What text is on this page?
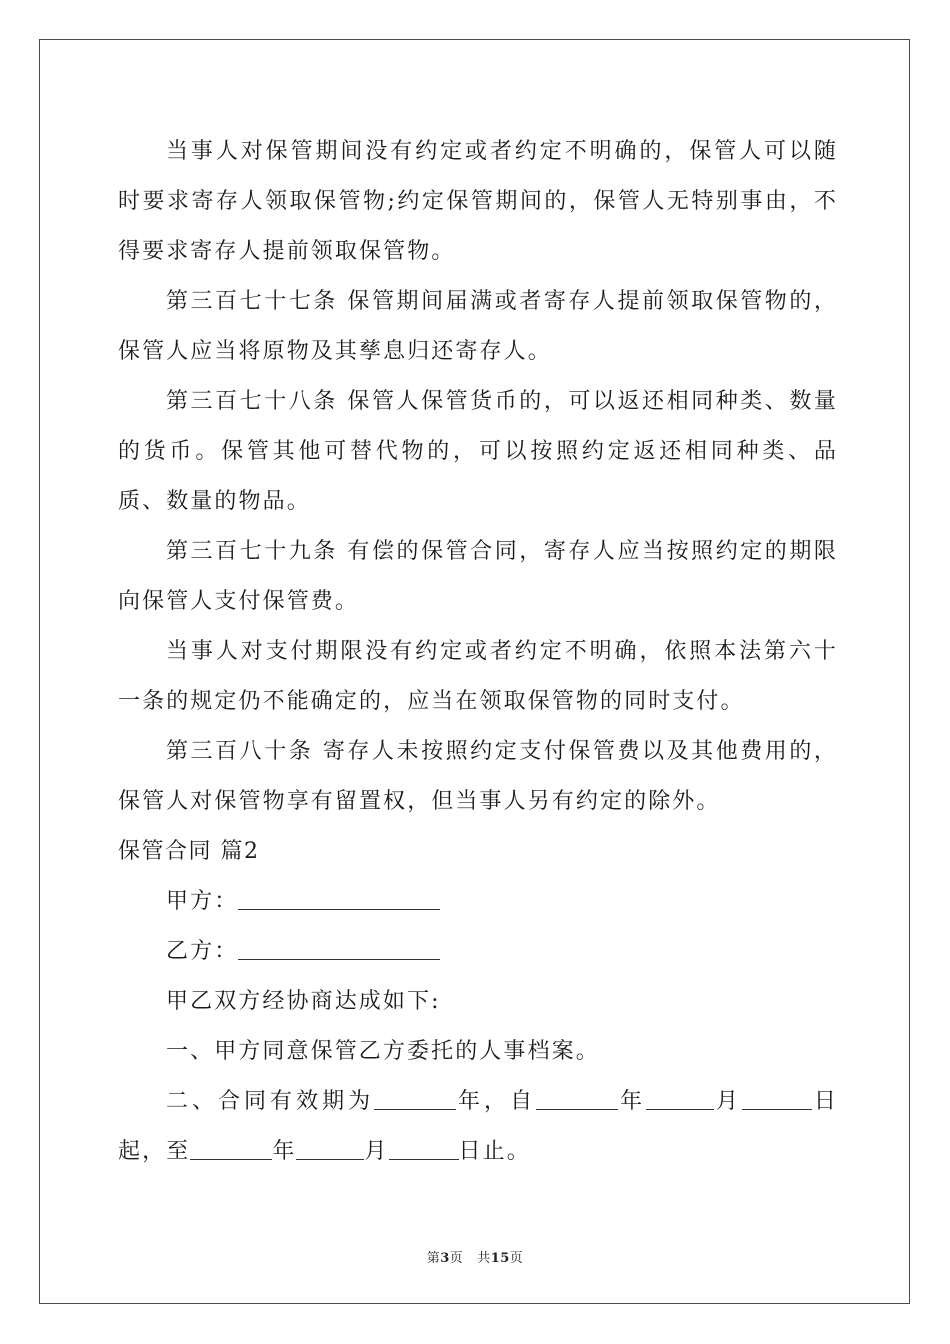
当事人对保管期间没有约定或者约定不明确的，保管人可以随时要求寄存人领取保管物;约定保管期间的，保管人无特别事由，不得要求寄存人提前领取保管物。

第三百七十七条 保管期间届满或者寄存人提前领取保管物的，保管人应当将原物及其孳息归还寄存人。

第三百七十八条 保管人保管货币的，可以返还相同种类、数量的货币。保管其他可替代物的，可以按照约定返还相同种类、品质、数量的物品。

第三百七十九条 有偿的保管合同，寄存人应当按照约定的期限向保管人支付保管费。

当事人对支付期限没有约定或者约定不明确，依照本法第六十一条的规定仍不能确定的，应当在领取保管物的同时支付。

第三百八十条 寄存人未按照约定支付保管费以及其他费用的，保管人对保管物享有留置权，但当事人另有约定的除外。

保管合同 篇2

甲方：

乙方：

甲乙双方经协商达成如下:

一、甲方同意保管乙方委托的人事档案。

二、合同有效期为	年，自	年	月	日起，至	年	月	日止。

第3页 共15页
